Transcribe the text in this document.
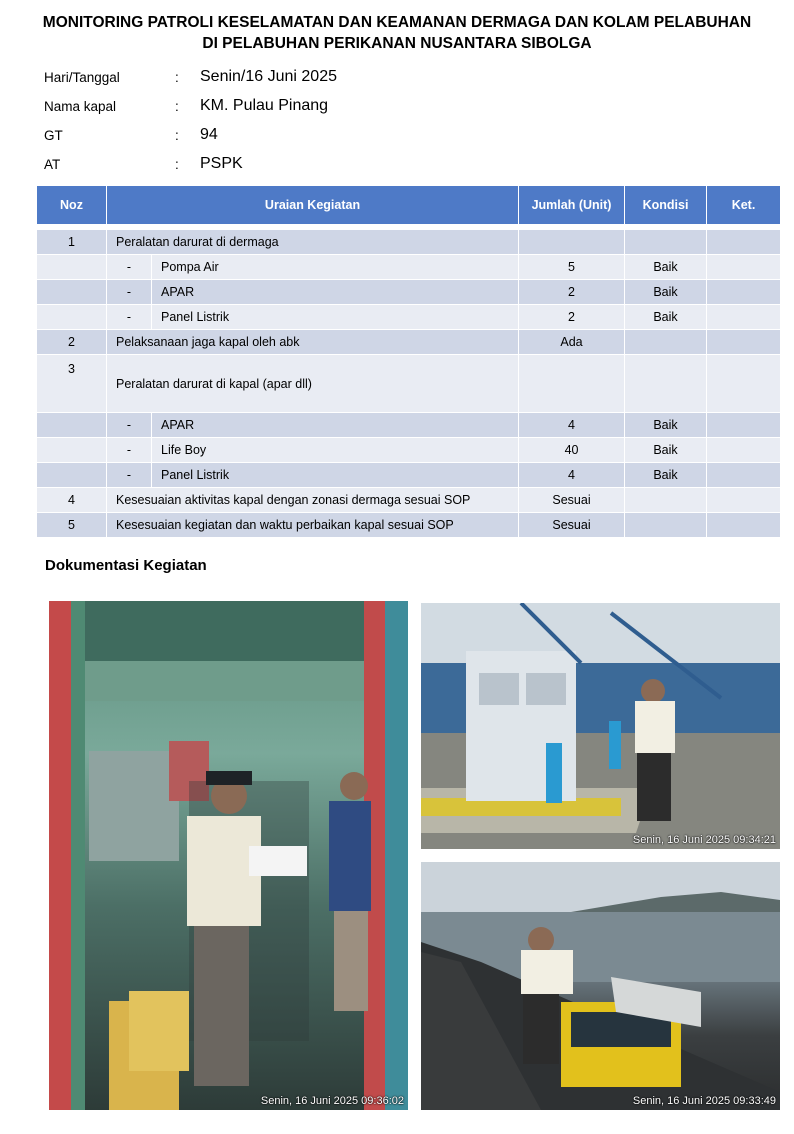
MONITORING PATROLI KESELAMATAN DAN KEAMANAN DERMAGA DAN KOLAM PELABUHAN
DI PELABUHAN PERIKANAN NUSANTARA SIBOLGA
Hari/Tanggal	: Senin/16 Juni 2025
Nama kapal	: KM. Pulau Pinang
GT	: 94
AT	: PSPK
Noz	Uraian Kegiatan		Jumlah (Unit)	Kondisi	Ket.
1	Peralatan darurat di dermaga				
	-	Pompa Air	5	Baik	
	-	APAR	2	Baik	
	-	Panel Listrik	2	Baik	
2	Pelaksanaan jaga kapal oleh abk		Ada		
3	Peralatan darurat di kapal (apar dll)				
	-	APAR	4	Baik	
	-	Life Boy	40	Baik	
	-	Panel Listrik	4	Baik	
4	Kesesuaian aktivitas kapal dengan zonasi dermaga sesuai SOP		Sesuai		
5	Kesesuaian kegiatan dan waktu perbaikan kapal sesuai SOP		Sesuai		
Dokumentasi Kegiatan
Senin, 16 Juni 2025 09:36:02
Senin, 16 Juni 2025 09:34:21
Senin, 16 Juni 2025 09:33:49
